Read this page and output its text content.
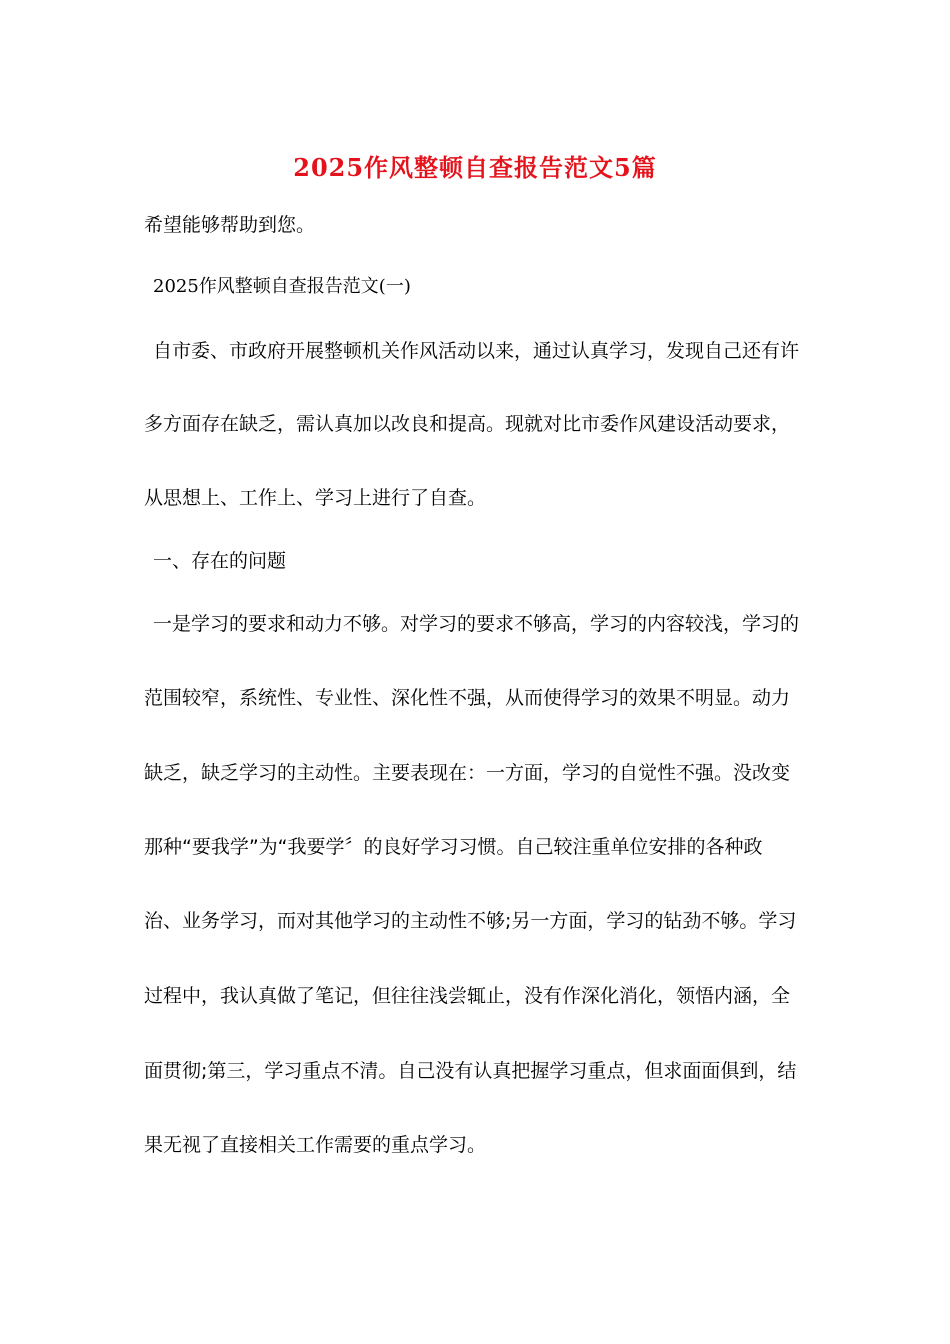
2025作风整顿自查报告范文5篇
希望能够帮助到您。
2025作风整顿自查报告范文(一)
自市委、市政府开展整顿机关作风活动以来，通过认真学习，发现自己还有许
多方面存在缺乏，需认真加以改良和提高。现就对比市委作风建设活动要求，
从思想上、工作上、学习上进行了自查。
一、存在的问题
一是学习的要求和动力不够。对学习的要求不够高，学习的内容较浅，学习的
范围较窄，系统性、专业性、深化性不强，从而使得学习的效果不明显。动力
缺乏，缺乏学习的主动性。主要表现在：一方面，学习的自觉性不强。没改变
那种“要我学”为“我要学〞的良好学习习惯。自己较注重单位安排的各种政
治、业务学习，而对其他学习的主动性不够;另一方面，学习的钻劲不够。学习
过程中，我认真做了笔记，但往往浅尝辄止，没有作深化消化，领悟内涵，全
面贯彻;第三，学习重点不清。自己没有认真把握学习重点，但求面面俱到，结
果无视了直接相关工作需要的重点学习。
